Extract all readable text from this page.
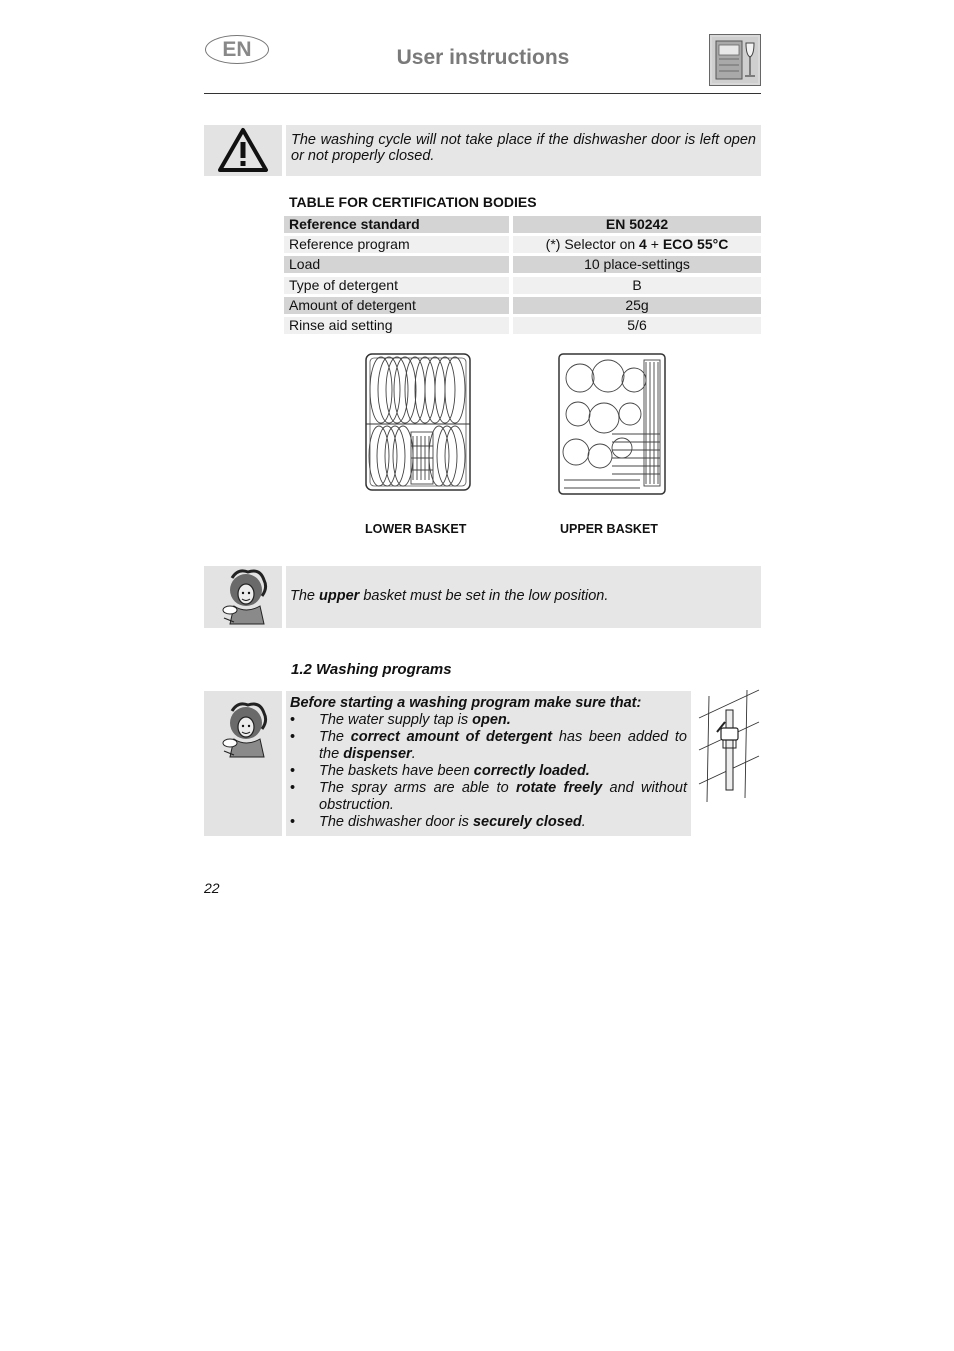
EN	User instructions
The washing cycle will not take place if the dishwasher door is left open or not properly closed.
TABLE FOR CERTIFICATION BODIES
Reference standard	EN 50242
Reference program	(*) Selector on 4 + ECO 55°C
Load	10 place-settings
Type of detergent	B
Amount of detergent	25g
Rinse aid setting	5/6
LOWER BASKET	UPPER BASKET
The upper basket must be set in the low position.
1.2 Washing programs
Before starting a washing program make sure that:
• The water supply tap is open.
• The correct amount of detergent has been added to the dispenser.
• The baskets have been correctly loaded.
• The spray arms are able to rotate freely and without obstruction.
• The dishwasher door is securely closed.
22
